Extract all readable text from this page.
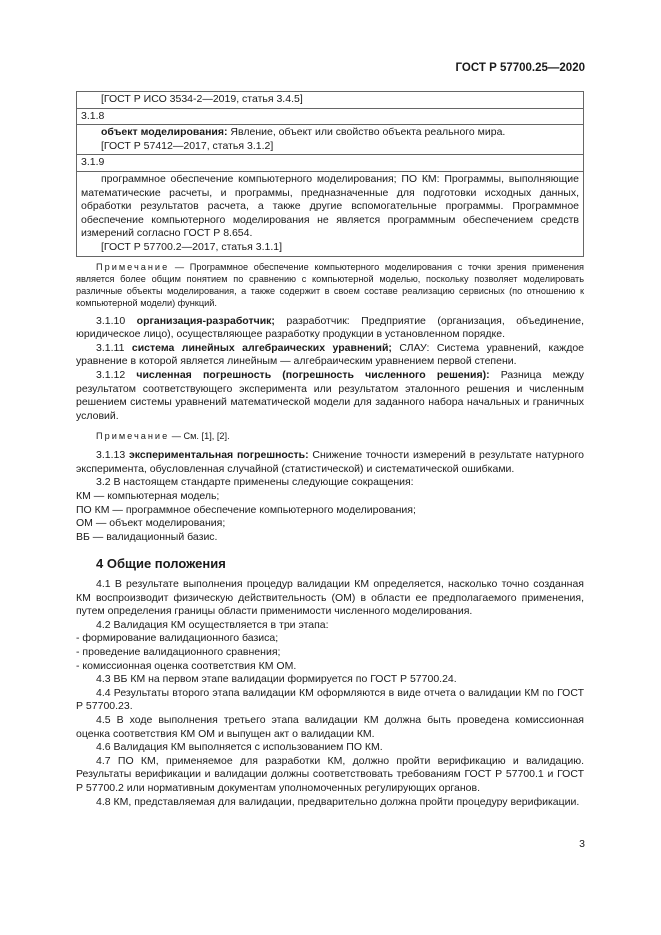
ГОСТ Р 57700.25—2020
[ГОСТ Р ИСО 3534-2—2019, статья 3.4.5]
3.1.8
объект моделирования: Явление, объект или свойство объекта реального мира.
[ГОСТ Р 57412—2017, статья 3.1.2]
3.1.9
программное обеспечение компьютерного моделирования; ПО КМ: Программы, выполняющие математические расчеты, и программы, предназначенные для подготовки исходных данных, обработки результатов расчета, а также другие вспомогательные программы. Программное обеспечение компьютерного моделирования не является программным обеспечением средств измерений согласно ГОСТ Р 8.654.
[ГОСТ Р 57700.2—2017, статья 3.1.1]
Примечание — Программное обеспечение компьютерного моделирования с точки зрения применения является более общим понятием по сравнению с компьютерной моделью, поскольку позволяет моделировать различные объекты моделирования, а также содержит в своем составе реализацию сервисных (по отношению к компьютерной модели) функций.

3.1.10 организация-разработчик; разработчик: Предприятие (организация, объединение, юридическое лицо), осуществляющее разработку продукции в установленном порядке.

3.1.11 система линейных алгебраических уравнений; СЛАУ: Система уравнений, каждое уравнение в которой является линейным — алгебраическим уравнением первой степени.

3.1.12 численная погрешность (погрешность численного решения): Разница между результатом соответствующего эксперимента или результатом эталонного решения и численным решением системы уравнений математической модели для заданного набора начальных и граничных условий.

Примечание — См. [1], [2].

3.1.13 экспериментальная погрешность: Снижение точности измерений в результате натурного эксперимента, обусловленная случайной (статистической) и систематической ошибками.

3.2 В настоящем стандарте применены следующие сокращения:

КМ — компьютерная модель;

ПО КМ — программное обеспечение компьютерного моделирования;

ОМ — объект моделирования;

ВБ — валидационный базис.

4 Общие положения

4.1 В результате выполнения процедур валидации КМ определяется, насколько точно созданная КМ воспроизводит физическую действительность (ОМ) в области ее предполагаемого применения, путем определения границы области применимости численного моделирования.

4.2 Валидация КМ осуществляется в три этапа:

- формирование валидационного базиса;

- проведение валидационного сравнения;

- комиссионная оценка соответствия КМ ОМ.

4.3 ВБ КМ на первом этапе валидации формируется по ГОСТ Р 57700.24.

4.4 Результаты второго этапа валидации КМ оформляются в виде отчета о валидации КМ по ГОСТ Р 57700.23.

4.5 В ходе выполнения третьего этапа валидации КМ должна быть проведена комиссионная оценка соответствия КМ ОМ и выпущен акт о валидации КМ.

4.6 Валидация КМ выполняется с использованием ПО КМ.

4.7 ПО КМ, применяемое для разработки КМ, должно пройти верификацию и валидацию. Результаты верификации и валидации должны соответствовать требованиям ГОСТ Р 57700.1 и ГОСТ Р 57700.2 или нормативным документам уполномоченных регулирующих органов.

4.8 КМ, представляемая для валидации, предварительно должна пройти процедуру верификации.

3
